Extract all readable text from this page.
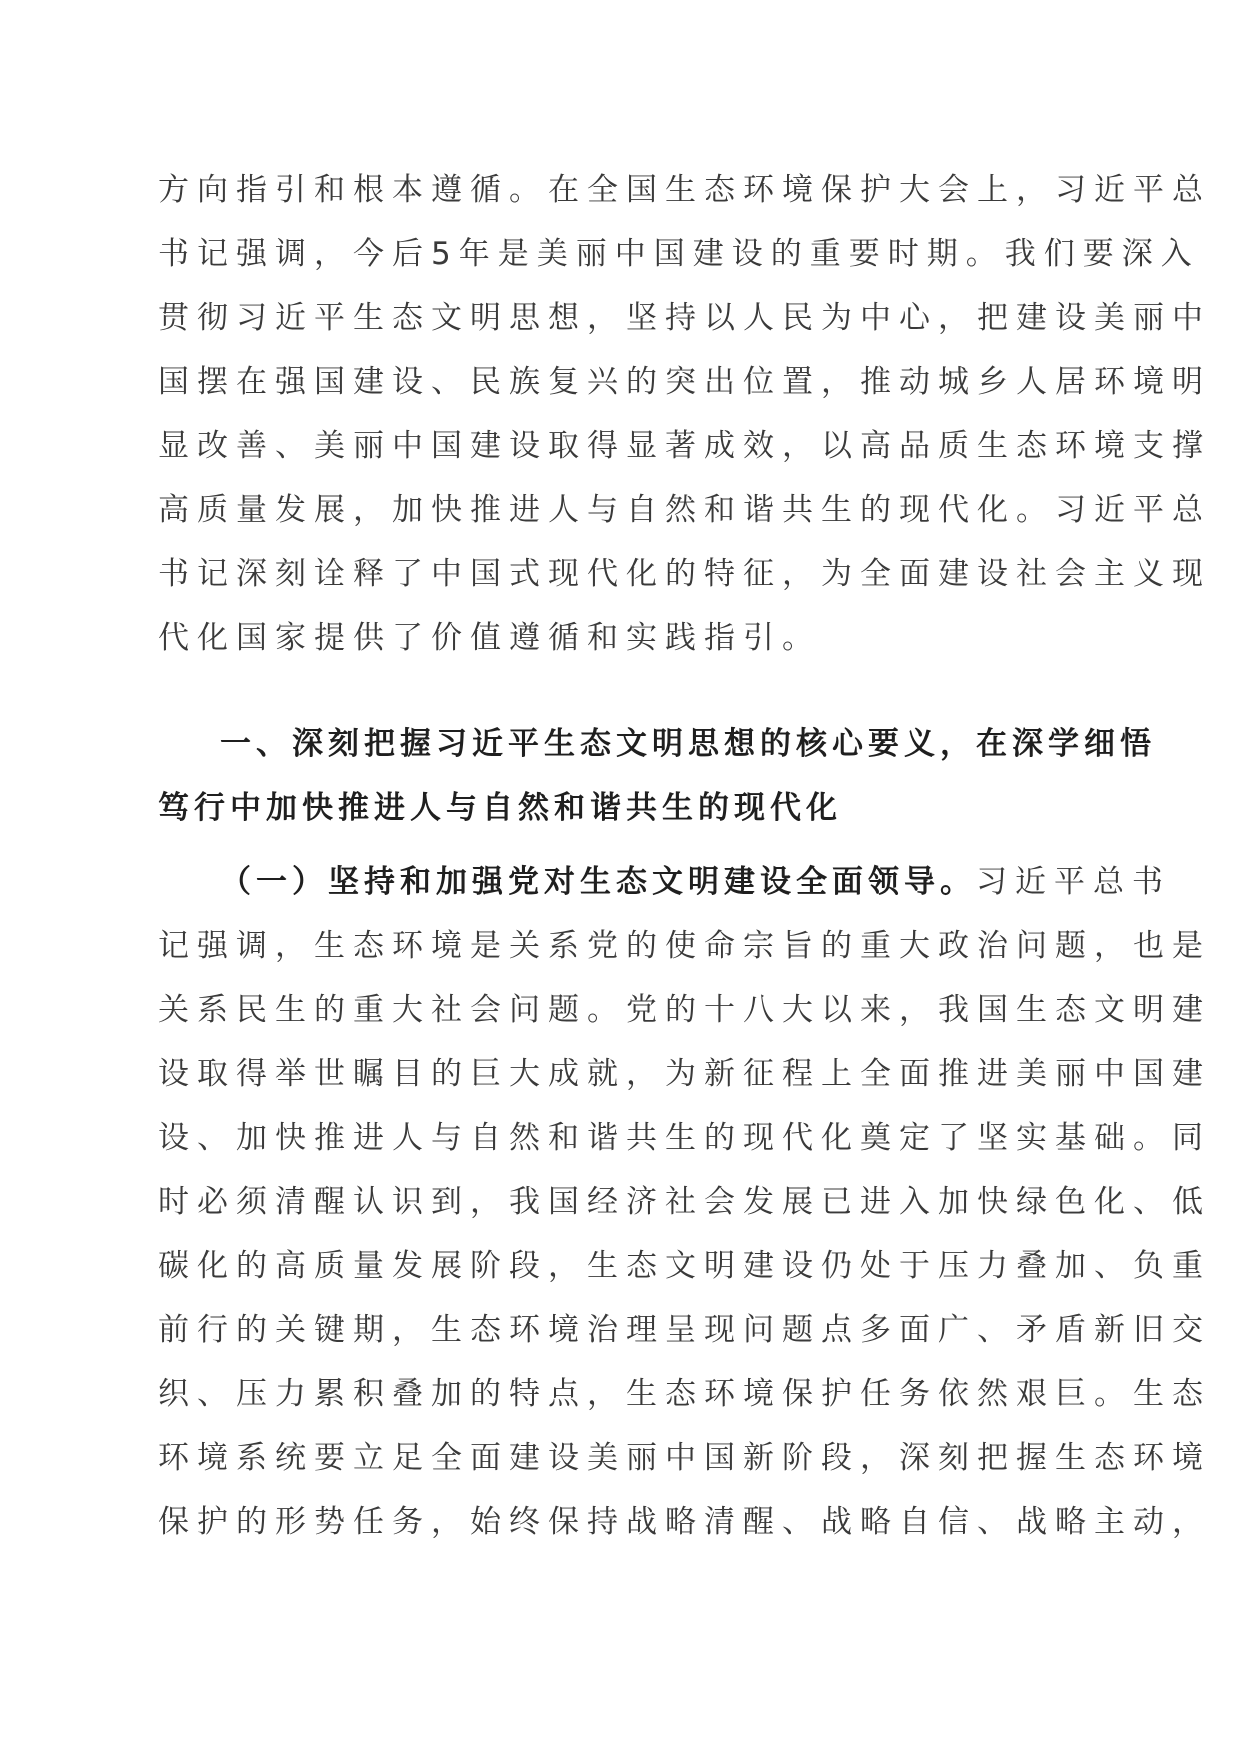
方向指引和根本遵循。在全国生态环境保护大会上，习近平总

书记强调，今后5年是美丽中国建设的重要时期。我们要深入

贯彻习近平生态文明思想，坚持以人民为中心，把建设美丽中

国摆在强国建设、民族复兴的突出位置，推动城乡人居环境明

显改善、美丽中国建设取得显著成效，以高品质生态环境支撑

高质量发展，加快推进人与自然和谐共生的现代化。习近平总

书记深刻诠释了中国式现代化的特征，为全面建设社会主义现

代化国家提供了价值遵循和实践指引。

一、深刻把握习近平生态文明思想的核心要义，在深学细悟

笃行中加快推进人与自然和谐共生的现代化

（一）坚持和加强党对生态文明建设全面领导。习近平总书

记强调，生态环境是关系党的使命宗旨的重大政治问题，也是

关系民生的重大社会问题。党的十八大以来，我国生态文明建

设取得举世瞩目的巨大成就，为新征程上全面推进美丽中国建

设、加快推进人与自然和谐共生的现代化奠定了坚实基础。同

时必须清醒认识到，我国经济社会发展已进入加快绿色化、低

碳化的高质量发展阶段，生态文明建设仍处于压力叠加、负重

前行的关键期，生态环境治理呈现问题点多面广、矛盾新旧交

织、压力累积叠加的特点，生态环境保护任务依然艰巨。生态

环境系统要立足全面建设美丽中国新阶段，深刻把握生态环境

保护的形势任务，始终保持战略清醒、战略自信、战略主动，
